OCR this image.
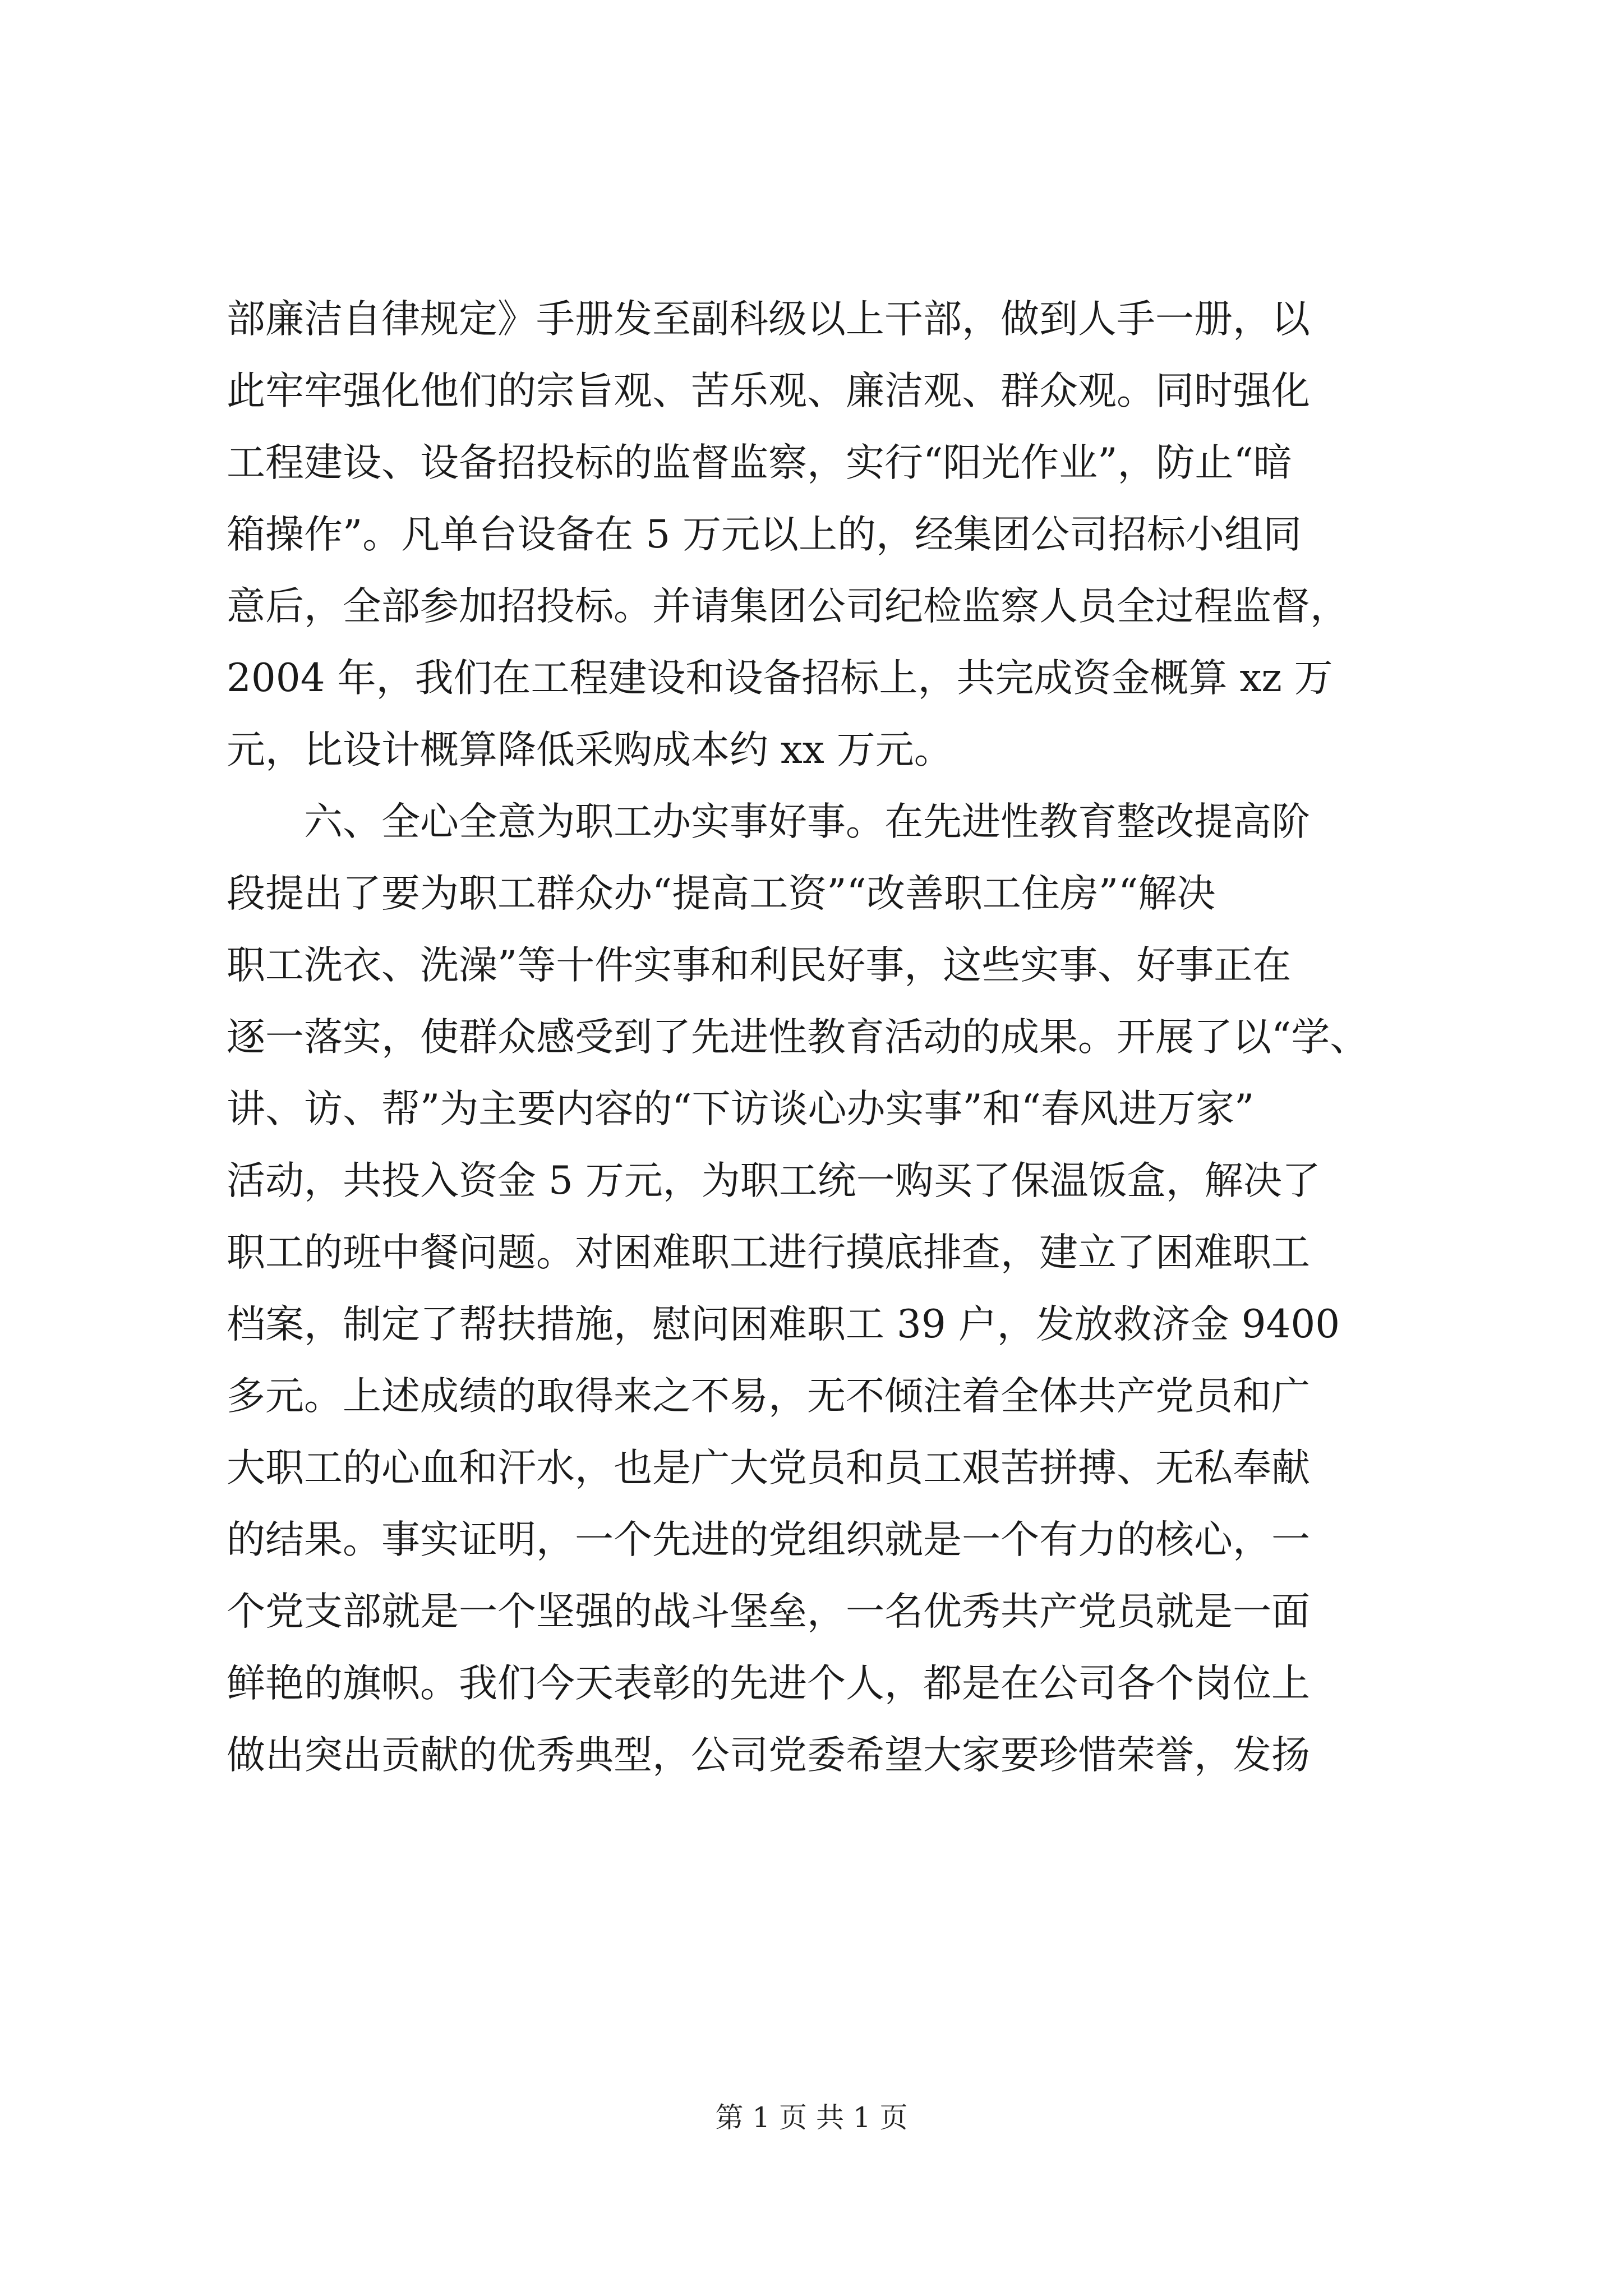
部廉洁自律规定》手册发至副科级以上干部，做到人手一册，以
此牢牢强化他们的宗旨观、苦乐观、廉洁观、群众观。同时强化
工程建设、设备招投标的监督监察，实行“阳光作业”，防止“暗
箱操作”。凡单台设备在 5 万元以上的，经集团公司招标小组同
意后，全部参加招投标。并请集团公司纪检监察人员全过程监督，
2004 年，我们在工程建设和设备招标上，共完成资金概算 xz 万
元，比设计概算降低采购成本约 xx 万元。
　　六、全心全意为职工办实事好事。在先进性教育整改提高阶
段提出了要为职工群众办“提高工资”“改善职工住房”“解决
职工洗衣、洗澡”等十件实事和利民好事，这些实事、好事正在
逐一落实，使群众感受到了先进性教育活动的成果。开展了以“学、
讲、访、帮”为主要内容的“下访谈心办实事”和“春风进万家”
活动，共投入资金 5 万元，为职工统一购买了保温饭盒，解决了
职工的班中餐问题。对困难职工进行摸底排查，建立了困难职工
档案，制定了帮扶措施，慰问困难职工 39 户，发放救济金 9400
多元。上述成绩的取得来之不易，无不倾注着全体共产党员和广
大职工的心血和汗水，也是广大党员和员工艰苦拼搏、无私奉献
的结果。事实证明，一个先进的党组织就是一个有力的核心，一
个党支部就是一个坚强的战斗堡垒，一名优秀共产党员就是一面
鲜艳的旗帜。我们今天表彰的先进个人，都是在公司各个岗位上
做出突出贡献的优秀典型，公司党委希望大家要珍惜荣誉，发扬
第 1 页 共 1 页
